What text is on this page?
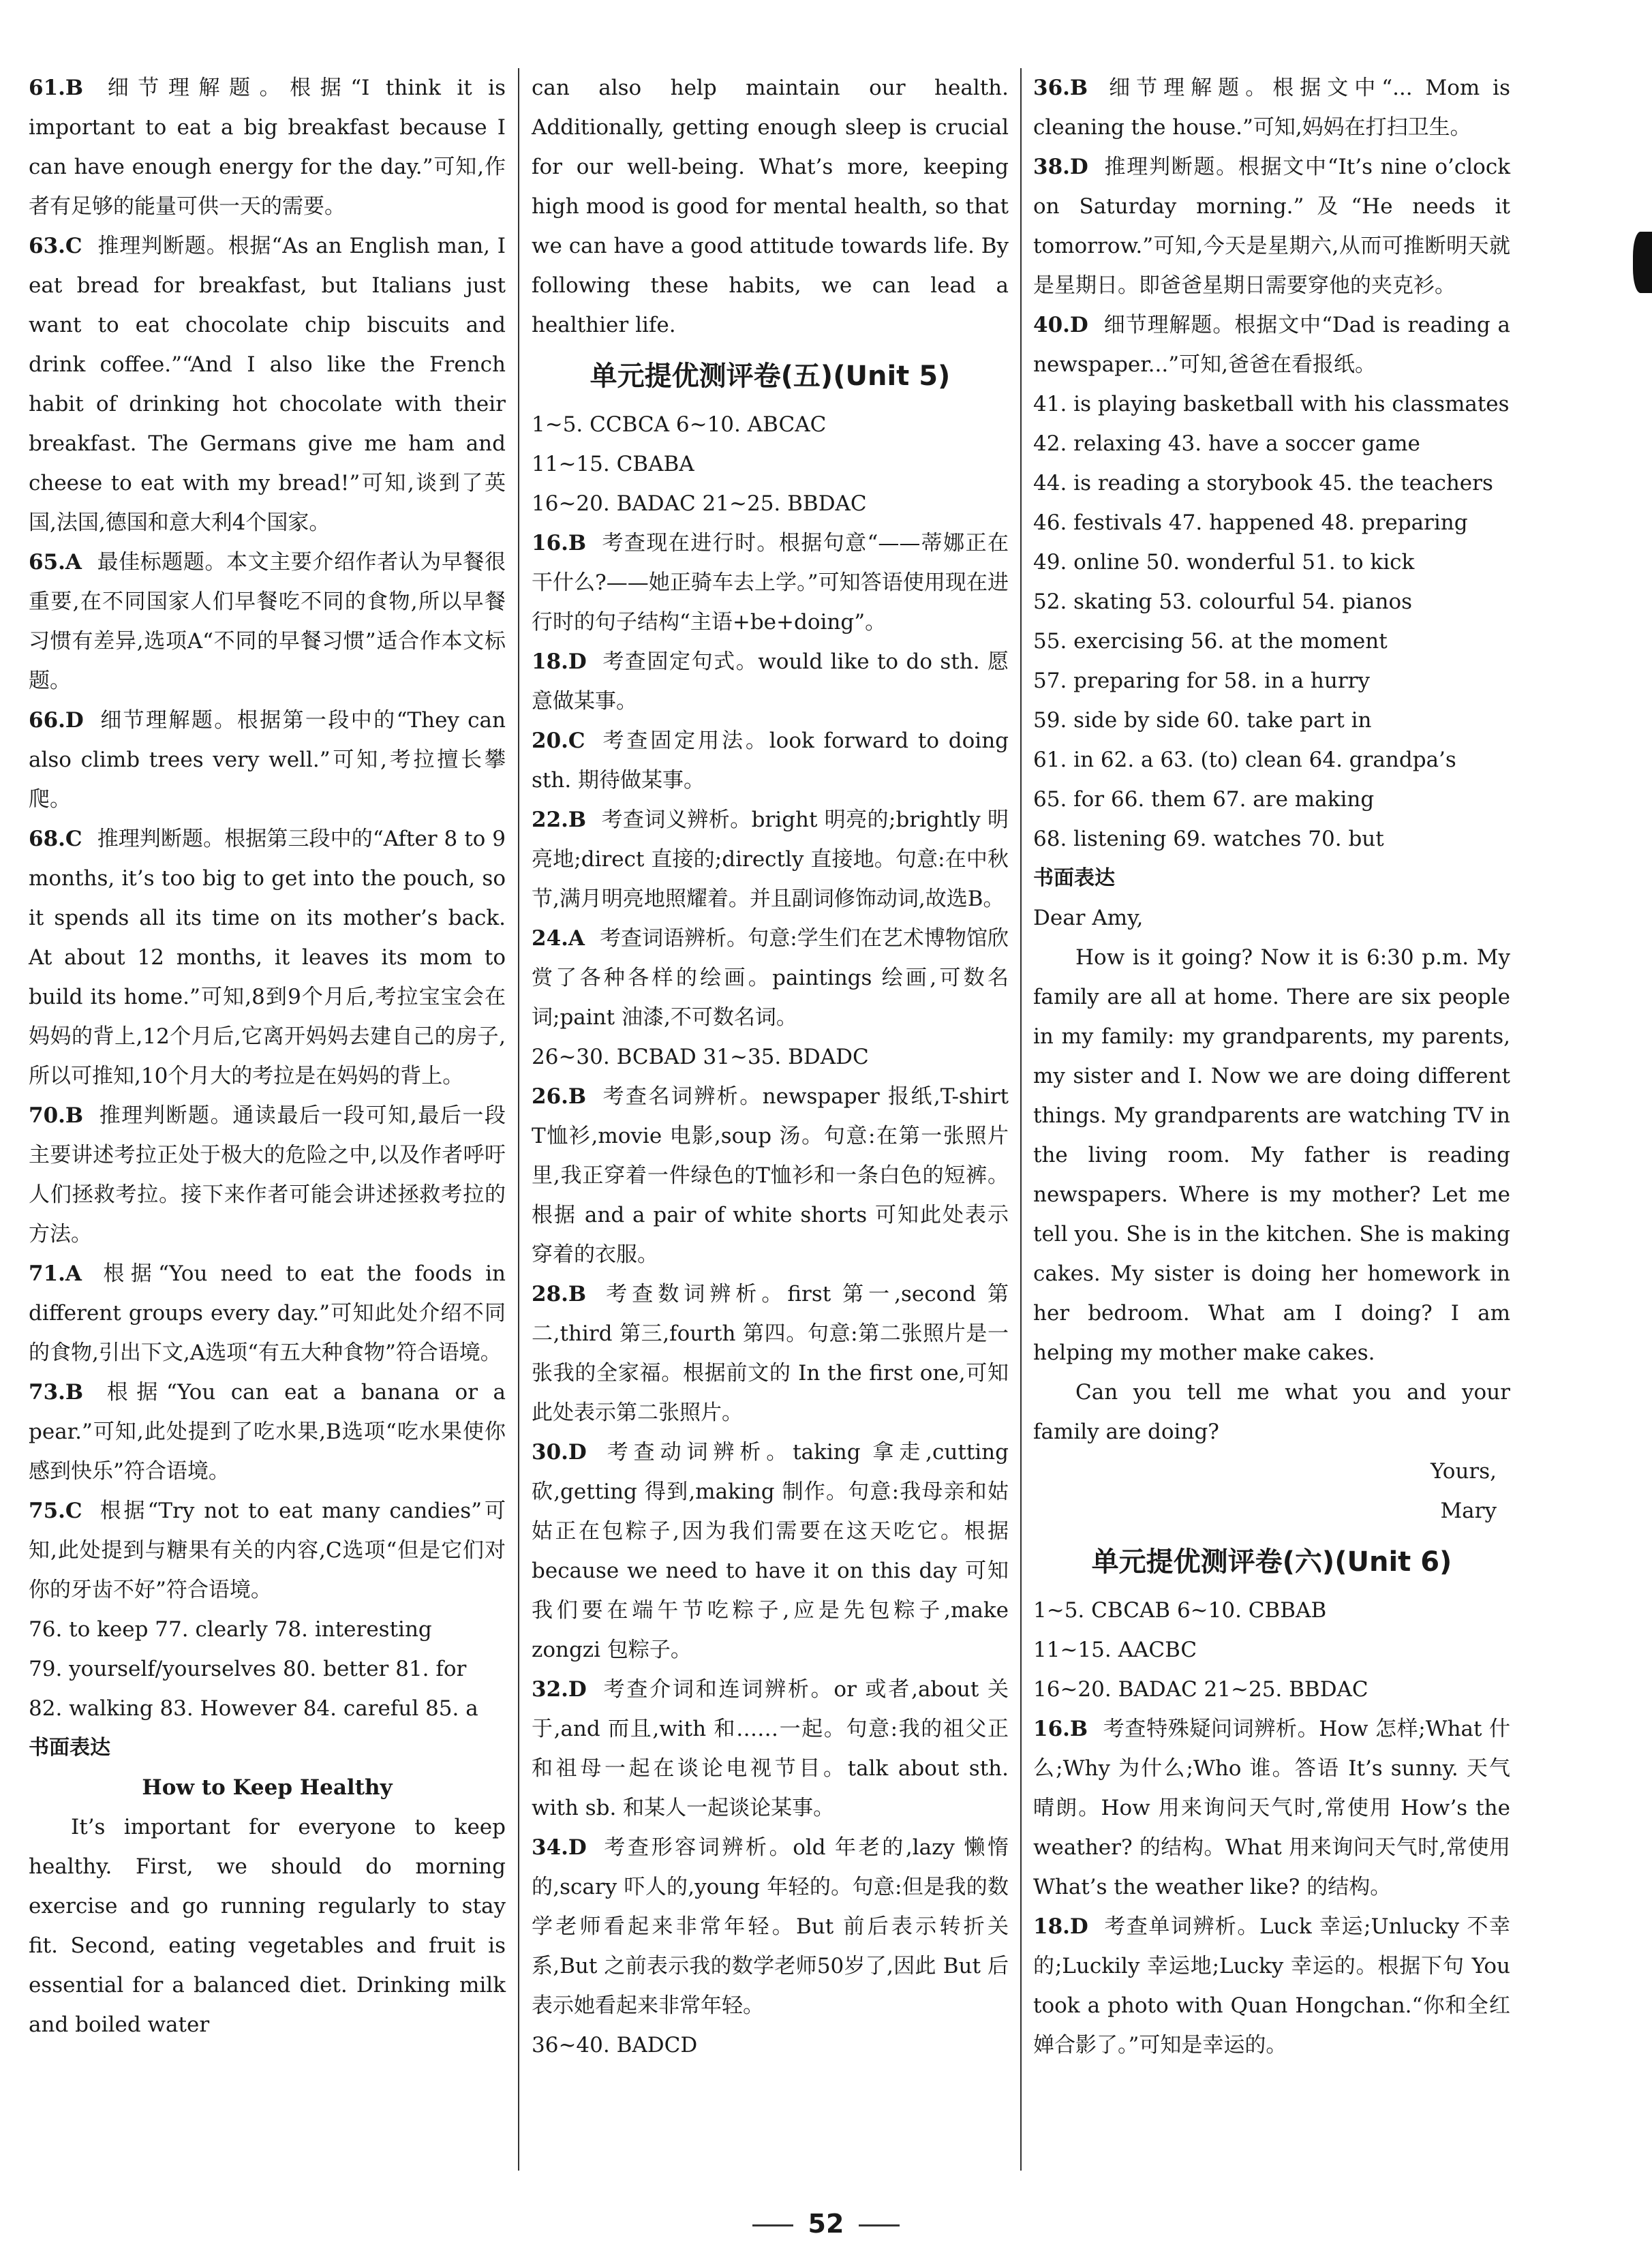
61.B 细节理解题。根据“I think it is important to eat a big breakfast because I can have enough energy for the day.”可知,作者有足够的能量可供一天的需要。

63.C 推理判断题。根据“As an English man, I eat bread for breakfast, but Italians just want to eat chocolate chip biscuits and drink coffee.”“And I also like the French habit of drinking hot chocolate with their breakfast. The Germans give me ham and cheese to eat with my bread!”可知,谈到了英国,法国,德国和意大利4个国家。

65.A 最佳标题题。本文主要介绍作者认为早餐很重要,在不同国家人们早餐吃不同的食物,所以早餐习惯有差异,选项A“不同的早餐习惯”适合作本文标题。

66.D 细节理解题。根据第一段中的“They can also climb trees very well.”可知,考拉擅长攀爬。

68.C 推理判断题。根据第三段中的“After 8 to 9 months, it’s too big to get into the pouch, so it spends all its time on its mother’s back. At about 12 months, it leaves its mom to build its home.”可知,8到9个月后,考拉宝宝会在妈妈的背上,12个月后,它离开妈妈去建自己的房子,所以可推知,10个月大的考拉是在妈妈的背上。

70.B 推理判断题。通读最后一段可知,最后一段主要讲述考拉正处于极大的危险之中,以及作者呼吁人们拯救考拉。接下来作者可能会讲述拯救考拉的方法。

71.A 根据“You need to eat the foods in different groups every day.”可知此处介绍不同的食物,引出下文,A选项“有五大种食物”符合语境。

73.B 根据“You can eat a banana or a pear.”可知,此处提到了吃水果,B选项“吃水果使你感到快乐”符合语境。

75.C 根据“Try not to eat many candies”可知,此处提到与糖果有关的内容,C选项“但是它们对你的牙齿不好”符合语境。

76. to keep 77. clearly 78. interesting
79. yourself/yourselves 80. better 81. for
82. walking 83. However 84. careful 85. a
书面表达
How to Keep Healthy

It’s important for everyone to keep healthy. First, we should do morning exercise and go running regularly to stay fit. Second, eating vegetables and fruit is essential for a balanced diet. Drinking milk and boiled water

can also help maintain our health. Additionally, getting enough sleep is crucial for our well-being. What’s more, keeping high mood is good for mental health, so that we can have a good attitude towards life. By following these habits, we can lead a healthier life.

单元提优测评卷(五)(Unit 5)
1~5. CCBCA 6~10. ABCAC
11~15. CBABA
16~20. BADAC 21~25. BBDAC

16.B 考查现在进行时。根据句意“——蒂娜正在干什么?——她正骑车去上学。”可知答语使用现在进行时的句子结构“主语+be+doing”。

18.D 考查固定句式。would like to do sth. 愿意做某事。

20.C 考查固定用法。look forward to doing sth. 期待做某事。

22.B 考查词义辨析。bright 明亮的;brightly 明亮地;direct 直接的;directly 直接地。句意:在中秋节,满月明亮地照耀着。并且副词修饰动词,故选B。

24.A 考查词语辨析。句意:学生们在艺术博物馆欣赏了各种各样的绘画。paintings 绘画,可数名词;paint 油漆,不可数名词。

26~30. BCBAD 31~35. BDADC

26.B 考查名词辨析。newspaper 报纸,T-shirt T恤衫,movie 电影,soup 汤。句意:在第一张照片里,我正穿着一件绿色的T恤衫和一条白色的短裤。根据 and a pair of white shorts 可知此处表示穿着的衣服。

28.B 考查数词辨析。first 第一,second 第二,third 第三,fourth 第四。句意:第二张照片是一张我的全家福。根据前文的 In the first one,可知此处表示第二张照片。

30.D 考查动词辨析。taking 拿走,cutting 砍,getting 得到,making 制作。句意:我母亲和姑姑正在包粽子,因为我们需要在这天吃它。根据 because we need to have it on this day 可知我们要在端午节吃粽子,应是先包粽子,make zongzi 包粽子。

32.D 考查介词和连词辨析。or 或者,about 关于,and 而且,with 和……一起。句意:我的祖父正和祖母一起在谈论电视节目。talk about sth. with sb. 和某人一起谈论某事。

34.D 考查形容词辨析。old 年老的,lazy 懒惰的,scary 吓人的,young 年轻的。句意:但是我的数学老师看起来非常年轻。But 前后表示转折关系,But 之前表示我的数学老师50岁了,因此 But 后表示她看起来非常年轻。

36~40. BADCD

36.B 细节理解题。根据文中“... Mom is cleaning the house.”可知,妈妈在打扫卫生。

38.D 推理判断题。根据文中“It’s nine o’clock on Saturday morning.”及“He needs it tomorrow.”可知,今天是星期六,从而可推断明天就是星期日。即爸爸星期日需要穿他的夹克衫。

40.D 细节理解题。根据文中“Dad is reading a newspaper...”可知,爸爸在看报纸。

41. is playing basketball with his classmates
42. relaxing 43. have a soccer game
44. is reading a storybook 45. the teachers
46. festivals 47. happened 48. preparing
49. online 50. wonderful 51. to kick
52. skating 53. colourful 54. pianos
55. exercising 56. at the moment
57. preparing for 58. in a hurry
59. side by side 60. take part in
61. in 62. a 63. (to) clean 64. grandpa’s
65. for 66. them 67. are making
68. listening 69. watches 70. but
书面表达
Dear Amy,

How is it going? Now it is 6:30 p.m. My family are all at home. There are six people in my family: my grandparents, my parents, my sister and I. Now we are doing different things. My grandparents are watching TV in the living room. My father is reading newspapers. Where is my mother? Let me tell you. She is in the kitchen. She is making cakes. My sister is doing her homework in her bedroom. What am I doing? I am helping my mother make cakes.

Can you tell me what you and your family are doing?

Yours,
Mary
单元提优测评卷(六)(Unit 6)
1~5. CBCAB 6~10. CBBAB
11~15. AACBC
16~20. BADAC 21~25. BBDAC

16.B 考查特殊疑问词辨析。How 怎样;What 什么;Why 为什么;Who 谁。答语 It’s sunny. 天气晴朗。How 用来询问天气时,常使用 How’s the weather? 的结构。What 用来询问天气时,常使用 What’s the weather like? 的结构。

18.D 考查单词辨析。Luck 幸运;Unlucky 不幸的;Luckily 幸运地;Lucky 幸运的。根据下句 You took a photo with Quan Hongchan.“你和全红婵合影了。”可知是幸运的。

52
